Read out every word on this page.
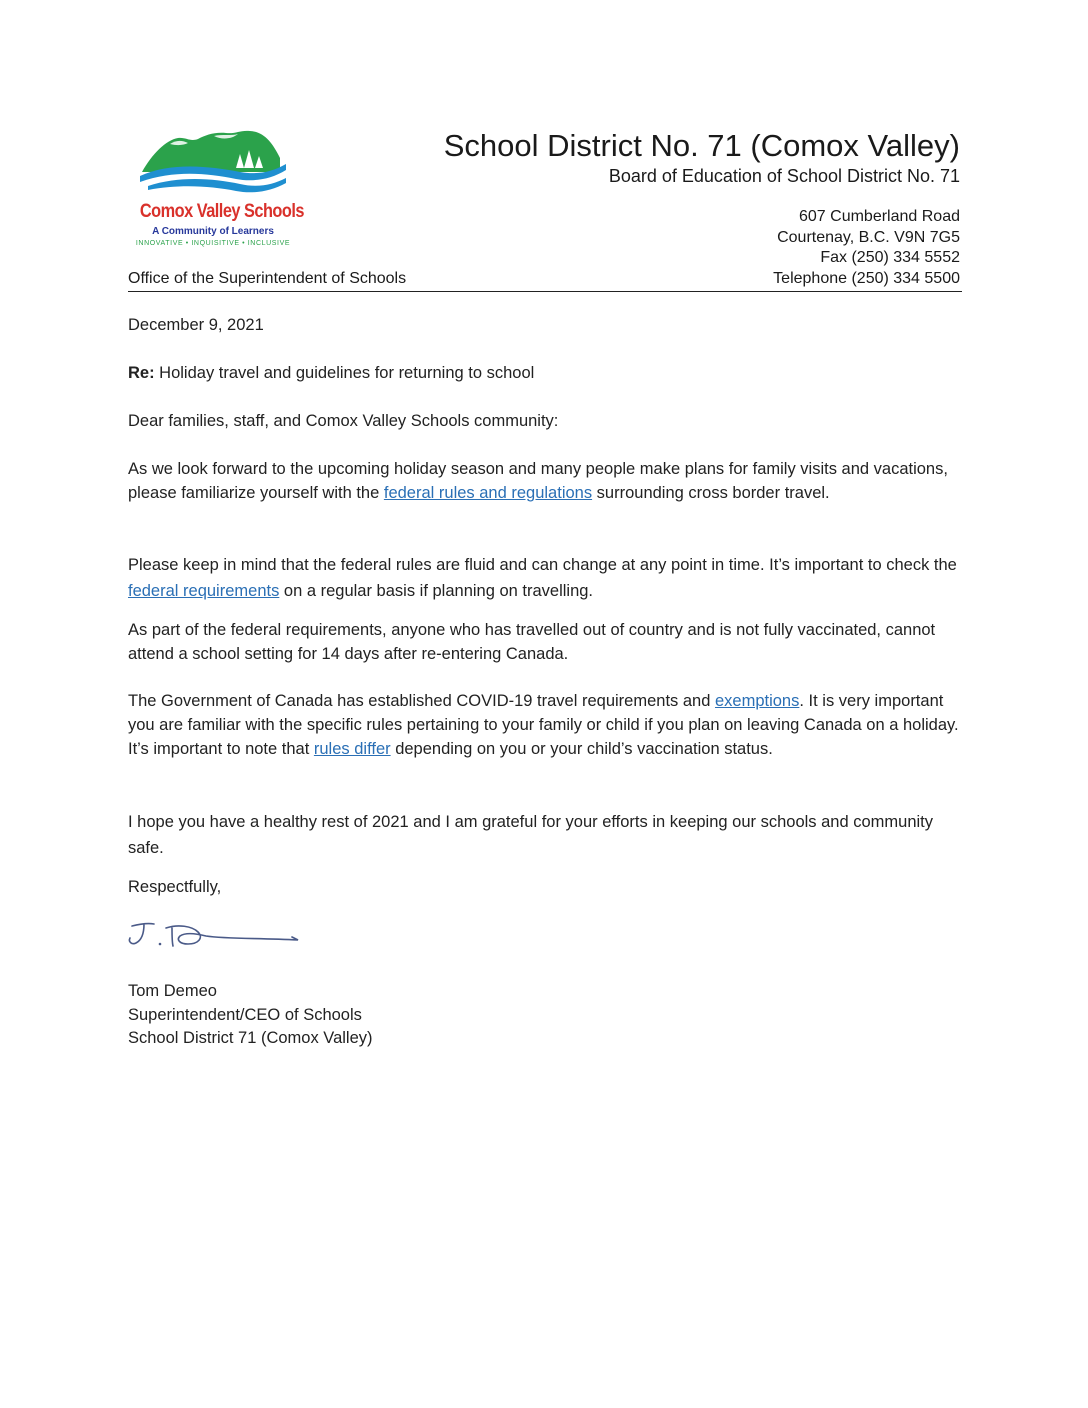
Comox Valley Schools
A Community of Learners
INNOVATIVE • INQUISITIVE • INCLUSIVE
School District No. 71 (Comox Valley)
Board of Education of School District No. 71
607 Cumberland Road
Courtenay, B.C. V9N 7G5
Fax (250) 334 5552
Telephone (250) 334 5500
Office of the Superintendent of Schools
December 9, 2021
Re: Holiday travel and guidelines for returning to school
Dear families, staff, and Comox Valley Schools community:
As we look forward to the upcoming holiday season and many people make plans for family visits and vacations, please familiarize yourself with the federal rules and regulations surrounding cross border travel.
Please keep in mind that the federal rules are fluid and can change at any point in time. It’s important to check the federal requirements on a regular basis if planning on travelling.
As part of the federal requirements, anyone who has travelled out of country and is not fully vaccinated, cannot attend a school setting for 14 days after re-entering Canada.
The Government of Canada has established COVID-19 travel requirements and exemptions. It is very important you are familiar with the specific rules pertaining to your family or child if you plan on leaving Canada on a holiday. It’s important to note that rules differ depending on you or your child’s vaccination status.
I hope you have a healthy rest of 2021 and I am grateful for your efforts in keeping our schools and community safe.
Respectfully,
Tom Demeo
Superintendent/CEO of Schools
School District 71 (Comox Valley)
